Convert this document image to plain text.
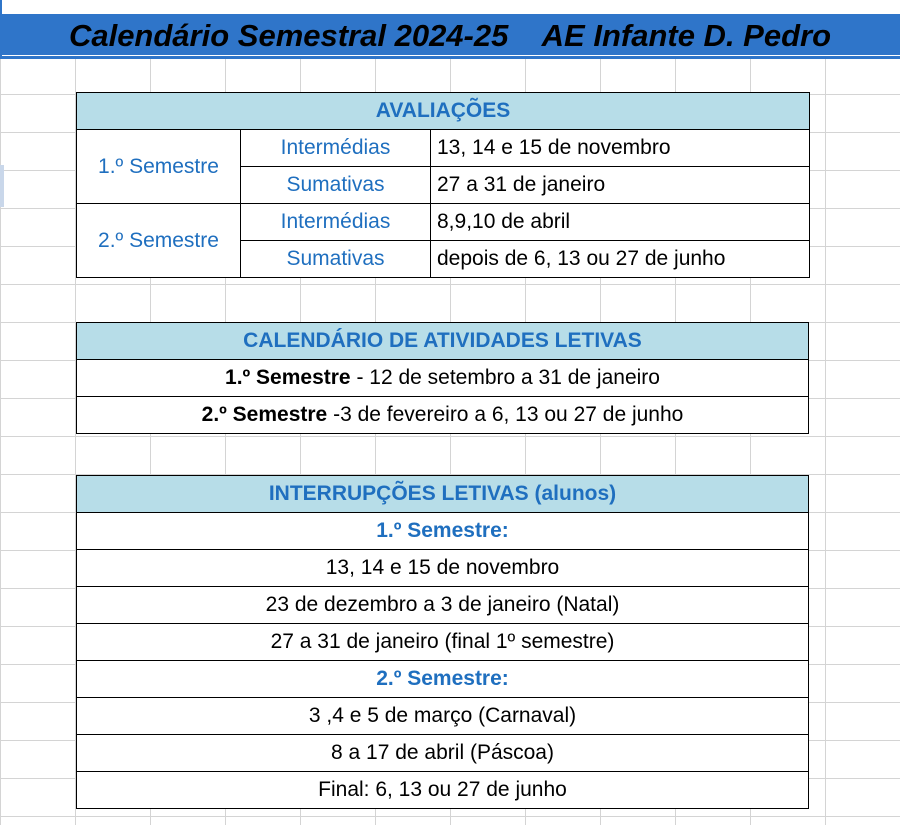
Calendário Semestral 2024-25    AE Infante D. Pedro
AVALIAÇÕES		
1.º Semestre	Intermédias	13, 14 e 15 de novembro
	Sumativas	27 a 31 de janeiro
2.º Semestre	Intermédias	8,9,10 de abril
	Sumativas	depois de 6, 13 ou 27 de junho
CALENDÁRIO DE ATIVIDADES LETIVAS
1.º Semestre - 12 de setembro a 31 de janeiro
2.º Semestre -3 de fevereiro a 6, 13 ou 27 de junho
INTERRUPÇÕES LETIVAS (alunos)
1.º Semestre:
13, 14 e 15 de novembro
23 de dezembro a 3 de janeiro (Natal)
27 a 31 de janeiro (final 1º semestre)
2.º Semestre:
3 ,4 e 5 de março (Carnaval)
8 a 17 de abril (Páscoa)
Final: 6, 13 ou 27 de junho
